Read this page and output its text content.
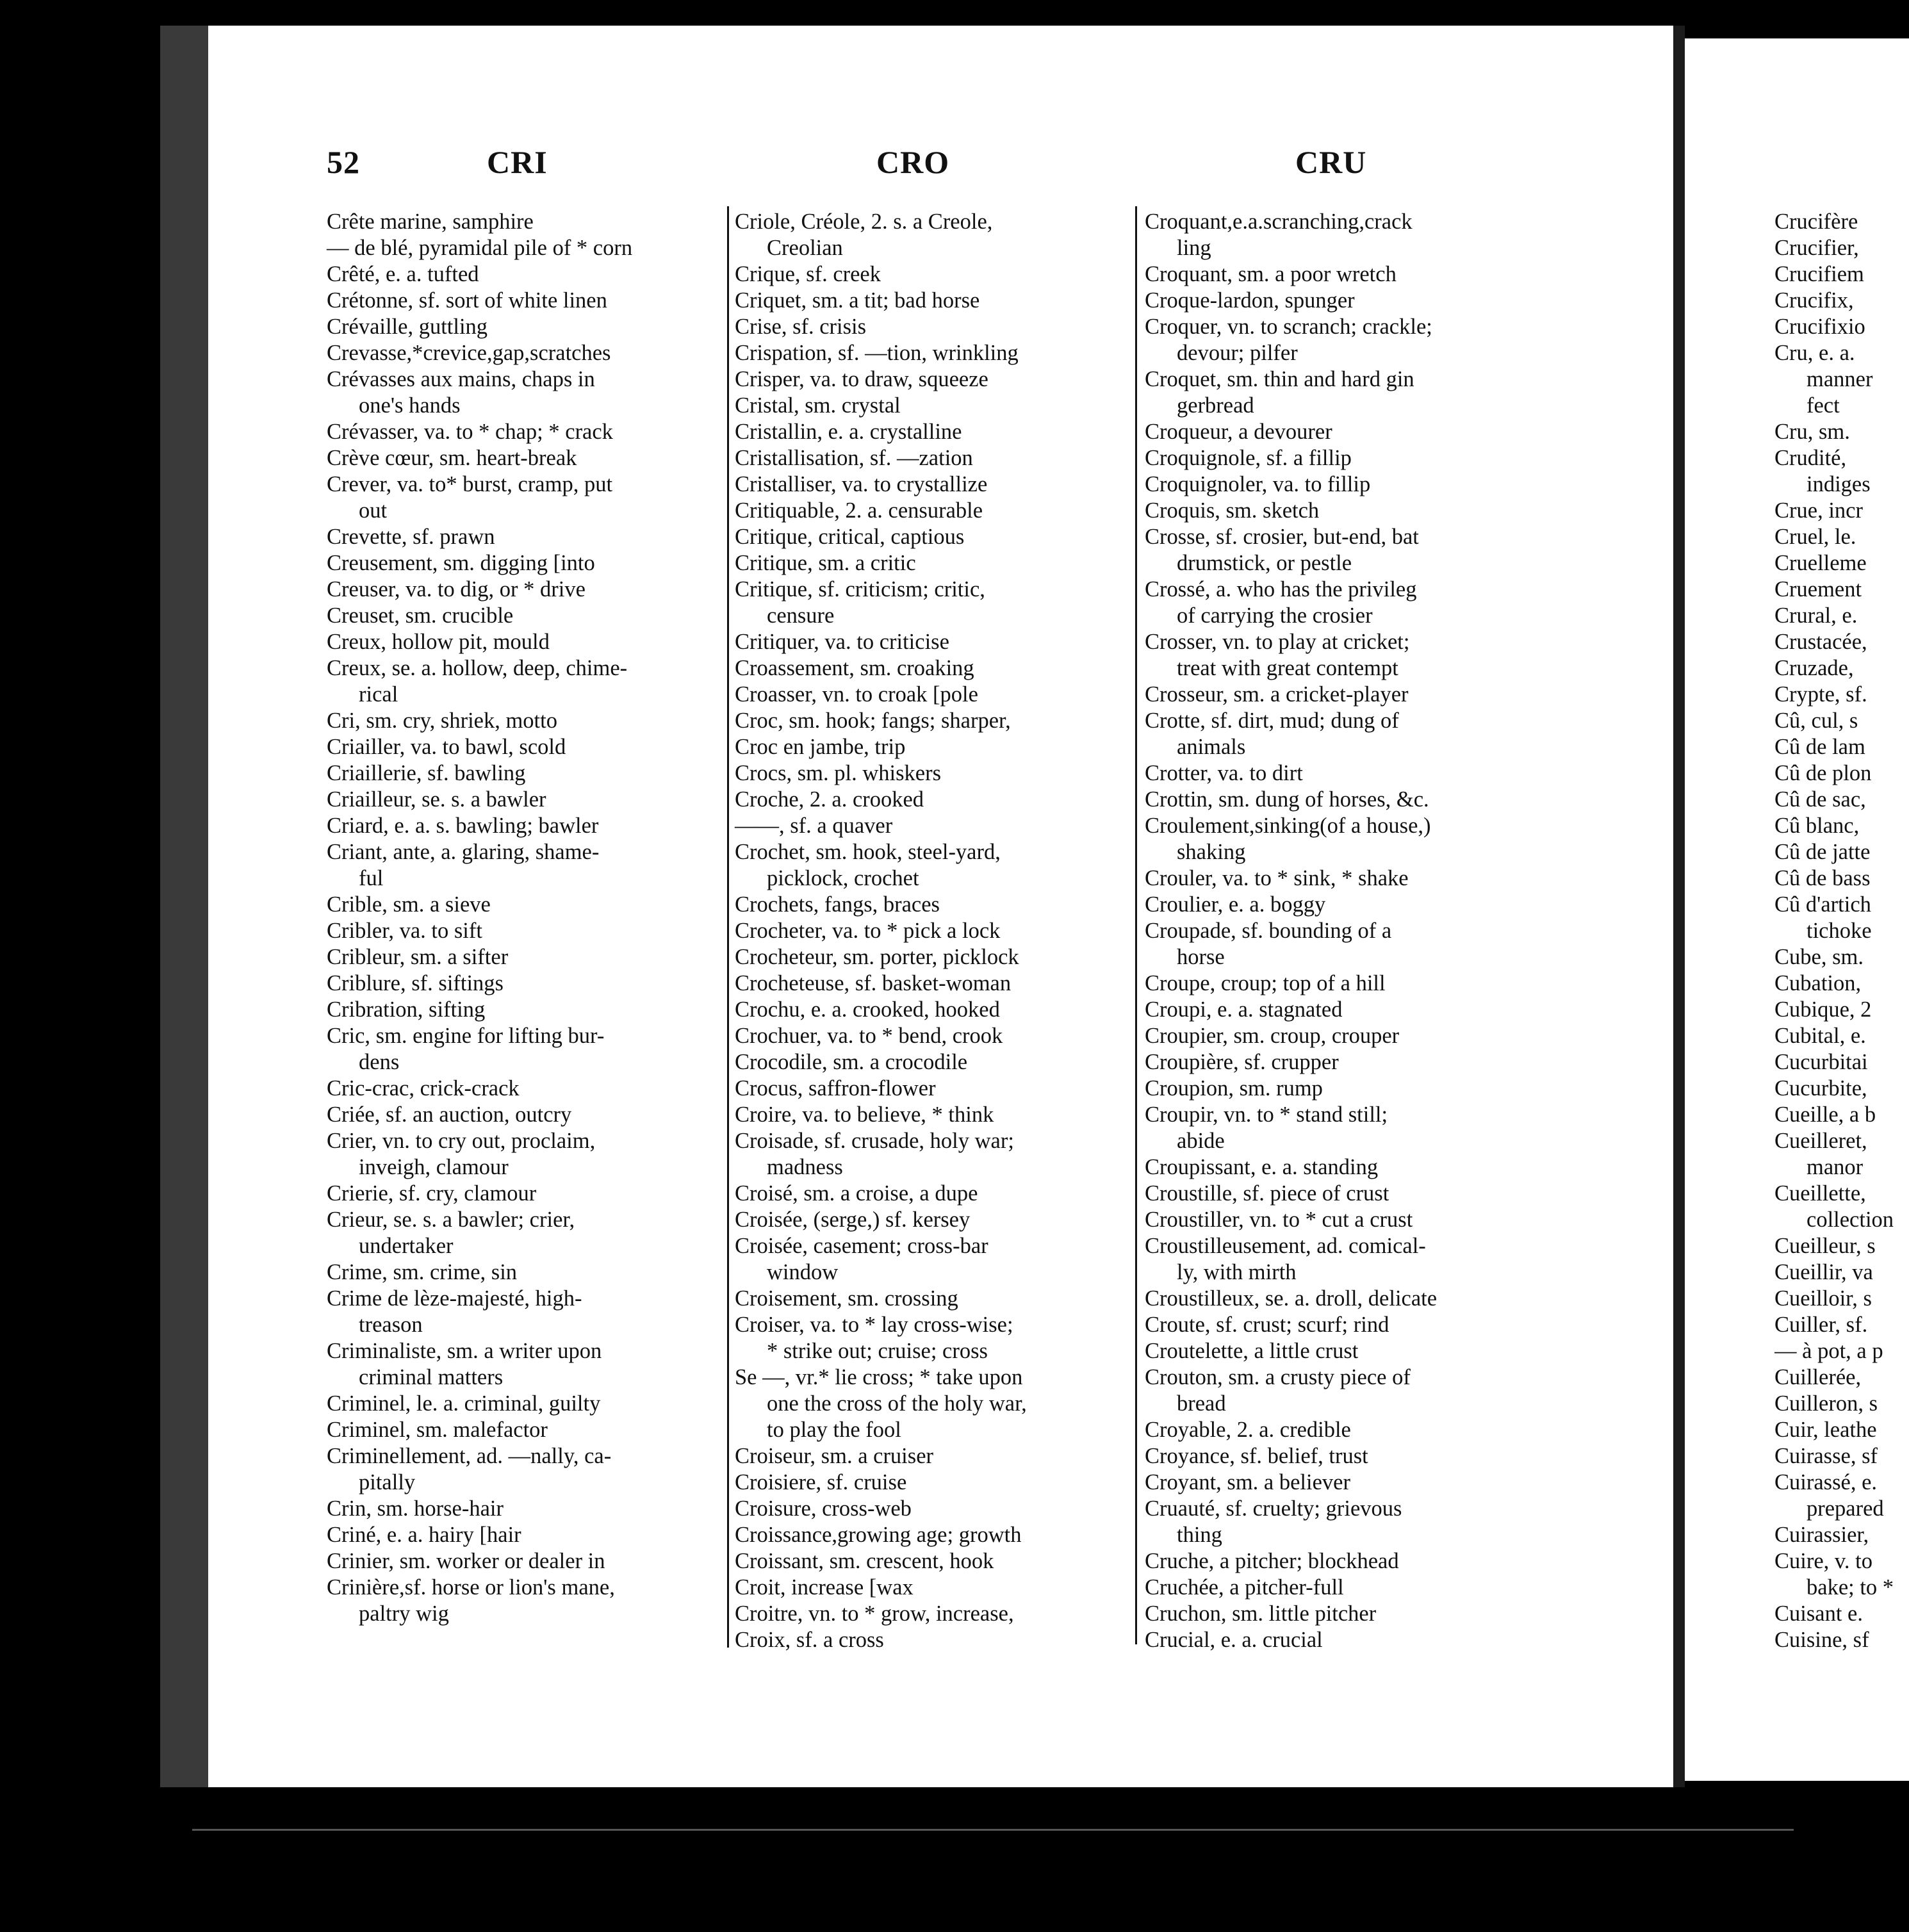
52	CRI	CRO	CRU
Crête marine, samphire
— de blé, pyramidal pile of * corn
Crêté, e. a. tufted
Crétonne, sf. sort of white linen
Crévaille, guttling
Crevasse,*crevice,gap,scratches
Crévasses aux mains, chaps in
one's hands
Crévasser, va. to * chap; * crack
Crève cœur, sm. heart-break
Crever, va. to* burst, cramp, put
out
Crevette, sf. prawn
Creusement, sm. digging [into
Creuser, va. to dig, or * drive
Creuset, sm. crucible
Creux, hollow pit, mould
Creux, se. a. hollow, deep, chime-
rical
Cri, sm. cry, shriek, motto
Criailler, va. to bawl, scold
Criaillerie, sf. bawling
Criailleur, se. s. a bawler
Criard, e. a. s. bawling; bawler
Criant, ante, a. glaring, shame-
ful
Crible, sm. a sieve
Cribler, va. to sift
Cribleur, sm. a sifter
Criblure, sf. siftings
Cribration, sifting
Cric, sm. engine for lifting bur-
dens
Cric-crac, crick-crack
Criée, sf. an auction, outcry
Crier, vn. to cry out, proclaim,
inveigh, clamour
Crierie, sf. cry, clamour
Crieur, se. s. a bawler; crier,
undertaker
Crime, sm. crime, sin
Crime de lèze-majesté, high-
treason
Criminaliste, sm. a writer upon
criminal matters
Criminel, le. a. criminal, guilty
Criminel, sm. malefactor
Criminellement, ad. —nally, ca-
pitally
Crin, sm. horse-hair
Criné, e. a. hairy [hair
Crinier, sm. worker or dealer in
Crinière,sf. horse or lion's mane,
paltry wig
Criole, Créole, 2. s. a Creole,
Creolian
Crique, sf. creek
Criquet, sm. a tit; bad horse
Crise, sf. crisis
Crispation, sf. —tion, wrinkling
Crisper, va. to draw, squeeze
Cristal, sm. crystal
Cristallin, e. a. crystalline
Cristallisation, sf. —zation
Cristalliser, va. to crystallize
Critiquable, 2. a. censurable
Critique, critical, captious
Critique, sm. a critic
Critique, sf. criticism; critic,
censure
Critiquer, va. to criticise
Croassement, sm. croaking
Croasser, vn. to croak [pole
Croc, sm. hook; fangs; sharper,
Croc en jambe, trip
Crocs, sm. pl. whiskers
Croche, 2. a. crooked
——, sf. a quaver
Crochet, sm. hook, steel-yard,
picklock, crochet
Crochets, fangs, braces
Crocheter, va. to * pick a lock
Crocheteur, sm. porter, picklock
Crocheteuse, sf. basket-woman
Crochu, e. a. crooked, hooked
Crochuer, va. to * bend, crook
Crocodile, sm. a crocodile
Crocus, saffron-flower
Croire, va. to believe, * think
Croisade, sf. crusade, holy war;
madness
Croisé, sm. a croise, a dupe
Croisée, (serge,) sf. kersey
Croisée, casement; cross-bar
window
Croisement, sm. crossing
Croiser, va. to * lay cross-wise;
* strike out; cruise; cross
Se —, vr.* lie cross; * take upon
one the cross of the holy war,
to play the fool
Croiseur, sm. a cruiser
Croisiere, sf. cruise
Croisure, cross-web
Croissance,growing age; growth
Croissant, sm. crescent, hook
Croit, increase [wax
Croitre, vn. to * grow, increase,
Croix, sf. a cross
Croquant,e.a.scranching,crack
ling
Croquant, sm. a poor wretch
Croque-lardon, spunger
Croquer, vn. to scranch; crackle;
devour; pilfer
Croquet, sm. thin and hard gin
gerbread
Croqueur, a devourer
Croquignole, sf. a fillip
Croquignoler, va. to fillip
Croquis, sm. sketch
Crosse, sf. crosier, but-end, bat
drumstick, or pestle
Crossé, a. who has the privileg
of carrying the crosier
Crosser, vn. to play at cricket;
treat with great contempt
Crosseur, sm. a cricket-player
Crotte, sf. dirt, mud; dung of
animals
Crotter, va. to dirt
Crottin, sm. dung of horses, &c.
Croulement,sinking(of a house,)
shaking
Crouler, va. to * sink, * shake
Croulier, e. a. boggy
Croupade, sf. bounding of a
horse
Croupe, croup; top of a hill
Croupi, e. a. stagnated
Croupier, sm. croup, crouper
Croupière, sf. crupper
Croupion, sm. rump
Croupir, vn. to * stand still;
abide
Croupissant, e. a. standing
Croustille, sf. piece of crust
Croustiller, vn. to * cut a crust
Croustilleusement, ad. comical-
ly, with mirth
Croustilleux, se. a. droll, delicate
Croute, sf. crust; scurf; rind
Croutelette, a little crust
Crouton, sm. a crusty piece of
bread
Croyable, 2. a. credible
Croyance, sf. belief, trust
Croyant, sm. a believer
Cruauté, sf. cruelty; grievous
thing
Cruche, a pitcher; blockhead
Cruchée, a pitcher-full
Cruchon, sm. little pitcher
Crucial, e. a. crucial
Crucifère
Crucifier,
Crucifiem
Crucifix,
Crucifixio
Cru, e. a.
manner
fect
Cru, sm.
Crudité,
indiges
Crue, incr
Cruel, le.
Cruelleme
Cruement
Crural, e.
Crustacée,
Cruzade,
Crypte, sf.
Cû, cul, s
Cû de lam
Cû de plon
Cû de sac,
Cû blanc,
Cû de jatte
Cû de bass
Cû d'artich
tichoke
Cube, sm.
Cubation,
Cubique, 2
Cubital, e.
Cucurbitai
Cucurbite,
Cueille, a b
Cueilleret,
manor
Cueillette,
collection
Cueilleur, s
Cueillir, va
Cueilloir, s
Cuiller, sf.
— à pot, a p
Cuillerée,
Cuilleron, s
Cuir, leathe
Cuirasse, sf
Cuirassé, e.
prepared
Cuirassier,
Cuire, v. to
bake; to *
Cuisant e.
Cuisine, sf
